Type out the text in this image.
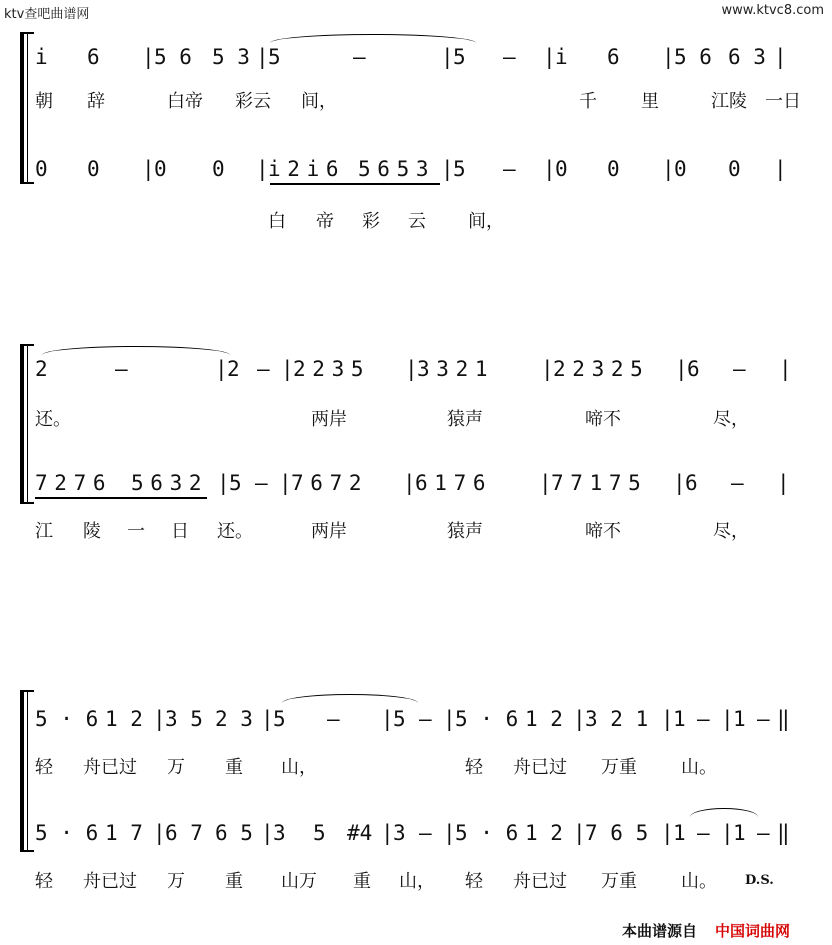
ktv查吧曲谱网	www.ktvc8.com
本曲谱源自 中国词曲网
i	6	| 5 6 5 3 | 5	—	| 5	—	| i	6	| 5 6 6 3 |
朝	辞	白帝	彩云	间，	千	里	江陵	一日
0	0	| 0	0	| i 2 i 6	5 6 5 3 | 5	—	| 0	0	| 0	0	|
白	帝	彩	云	间，
2	—	| 2 — | 2 2 3 5	| 3 3 2 1	| 2 2 3 2 5	| 6	—	|
还。	两岸	猿声	啼不	尽，
7 2 7 6	5 6 3 2 | 5 — | 7 6 7 2	| 6 1 7 6	| 7 7 1 7 5	| 6	—	|
江	陵	一	日	还。	两岸	猿声	啼不	尽，
5 · 6 1 2 | 3 5 2 3 | 5	—	| 5 — | 5 · 6 1 2 | 3 2 1 | 1 — | 1 — ‖
轻	舟已过	万	重	山，	轻	舟已过	万重	山。
5 · 6 1 7 | 6 7 6 5 | 3	5	#4 | 3 — | 5 · 6 1 2 | 7 6 5 | 1 — | 1 — ‖
轻	舟已过	万	重	山万	重	山，	轻	舟已过	万重	山。	D.S.
